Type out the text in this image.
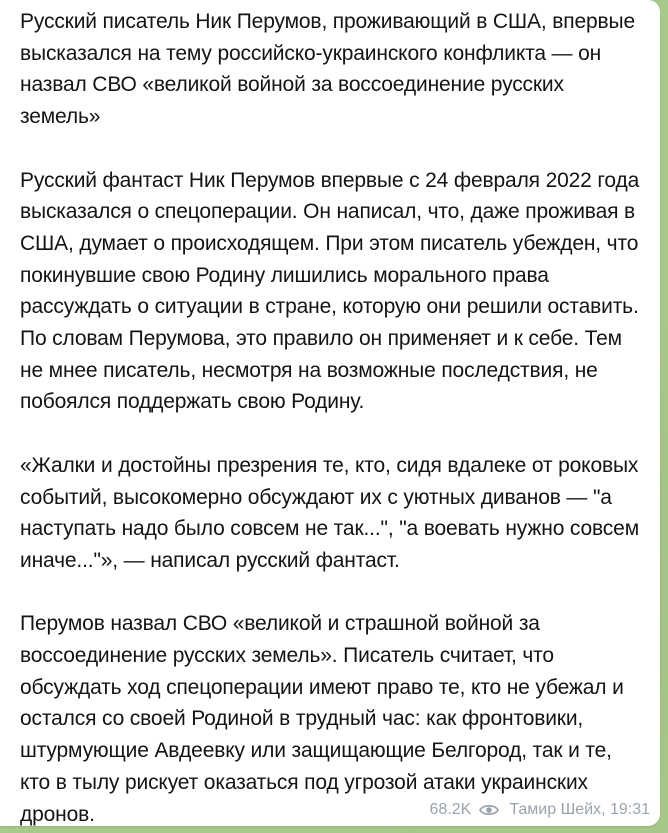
Русский писатель Ник Перумов, проживающий в США, впервые высказался на тему российско-украинского конфликта — он назвал СВО «великой войной за воссоединение русских земель»

Русский фантаст Ник Перумов впервые с 24 февраля 2022 года высказался о спецоперации. Он написал, что, даже проживая в США, думает о происходящем. При этом писатель убежден, что покинувшие свою Родину лишились морального права рассуждать о ситуации в стране, которую они решили оставить. По словам Перумова, это правило он применяет и к себе. Тем не мнее писатель, несмотря на возможные последствия, не побоялся поддержать свою Родину.

«Жалки и достойны презрения те, кто, сидя вдалеке от роковых событий, высокомерно обсуждают их с уютных диванов — "а наступать надо было совсем не так...", "а воевать нужно совсем иначе..."», — написал русский фантаст.

Перумов назвал СВО «великой и страшной войной за воссоединение русских земель». Писатель считает, что обсуждать ход спецоперации имеют право те, кто не убежал и остался со своей Родиной в трудный час: как фронтовики, штурмующие Авдеевку или защищающие Белгород, так и те, кто в тылу рискует оказаться под угрозой атаки украинских дронов.	68.2K Тамир Шейх, 19:31
